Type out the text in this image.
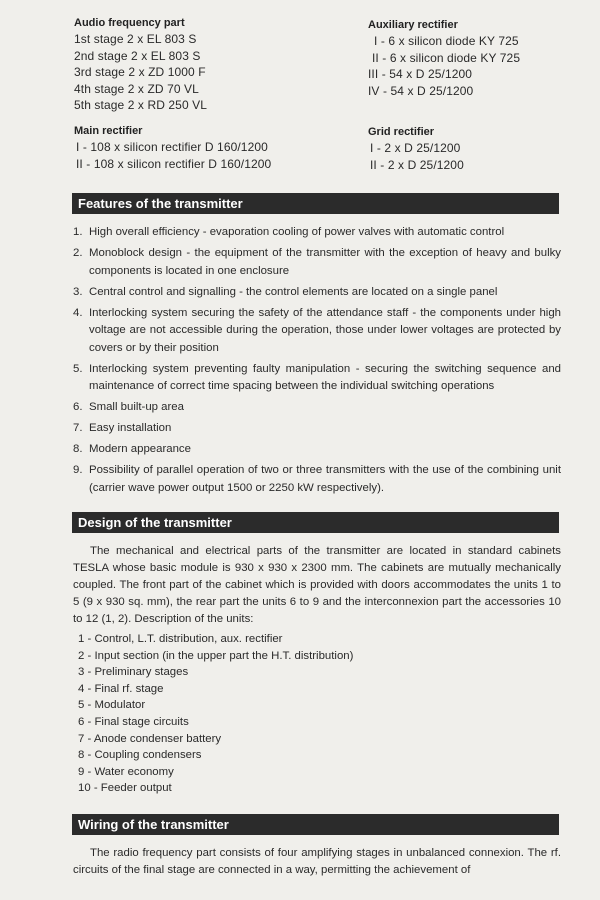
Audio frequency part
1st stage 2 x EL 803 S
2nd stage 2 x EL 803 S
3rd stage 2 x ZD 1000 F
4th stage 2 x ZD 70 VL
5th stage 2 x RD 250 VL
Auxiliary rectifier
I - 6 x silicon diode KY 725
II - 6 x silicon diode KY 725
III - 54 x D 25/1200
IV - 54 x D 25/1200
Main rectifier
I - 108 x silicon rectifier D 160/1200
II - 108 x silicon rectifier D 160/1200
Grid rectifier
I - 2 x D 25/1200
II - 2 x D 25/1200
Features of the transmitter
1. High overall efficiency - evaporation cooling of power valves with automatic control
2. Monoblock design - the equipment of the transmitter with the exception of heavy and bulky components is located in one enclosure
3. Central control and signalling - the control elements are located on a single panel
4. Interlocking system securing the safety of the attendance staff - the components under high voltage are not accessible during the operation, those under lower voltages are protected by covers or by their position
5. Interlocking system preventing faulty manipulation - securing the switching sequence and maintenance of correct time spacing between the individual switching operations
6. Small built-up area
7. Easy installation
8. Modern appearance
9. Possibility of parallel operation of two or three transmitters with the use of the combining unit (carrier wave power output 1500 or 2250 kW respectively).
Design of the transmitter

The mechanical and electrical parts of the transmitter are located in standard cabinets TESLA whose basic module is 930 x 930 x 2300 mm. The cabinets are mutually mechanically coupled. The front part of the cabinet which is provided with doors accommodates the units 1 to 5 (9 x 930 sq. mm), the rear part the units 6 to 9 and the interconnexion part the accessories 10 to 12 (1, 2). Description of the units:

1 - Control, L.T. distribution, aux. rectifier
2 - Input section (in the upper part the H.T. distribution)
3 - Preliminary stages
4 - Final rf. stage
5 - Modulator
6 - Final stage circuits
7 - Anode condenser battery
8 - Coupling condensers
9 - Water economy
10 - Feeder output
Wiring of the transmitter

The radio frequency part consists of four amplifying stages in unbalanced connexion. The rf. circuits of the final stage are connected in a way, permitting the achievement of
